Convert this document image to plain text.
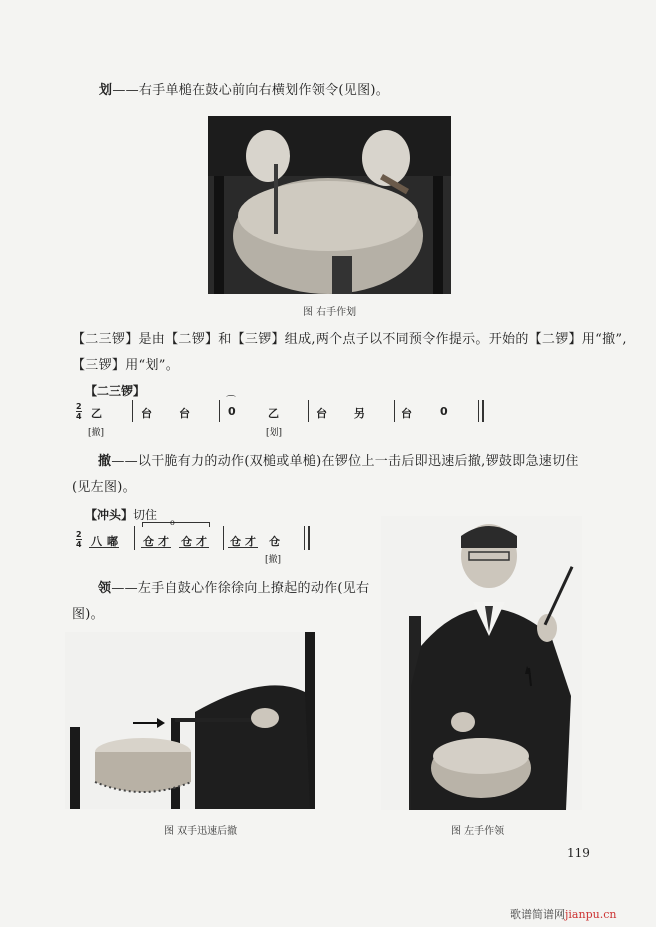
划——右手单槌在鼓心前向右横划作领令(见图)。
图 右手作划
【二三锣】是由【二锣】和【三锣】组成,两个点子以不同预令作提示。开始的【二锣】用“撤”,
【三锣】用“划”。
【二三锣】
2
4 乙	台 台
⌒
0	乙	台 另	台	0
[撤]	[划]
撤——以干脆有力的动作(双槌或单槌)在锣位上一击后即迅速后撤,锣鼓即急速切住
(见左图)。
【冲头】切住
2
4 八 嘟
o
仓 才 仓 才 仓 才 仓
[撤]
领——左手自鼓心作徐徐向上撩起的动作(见右
图)。
图 双手迅速后撤	图 左手作领
119
歌谱简谱网jianpu.cn
